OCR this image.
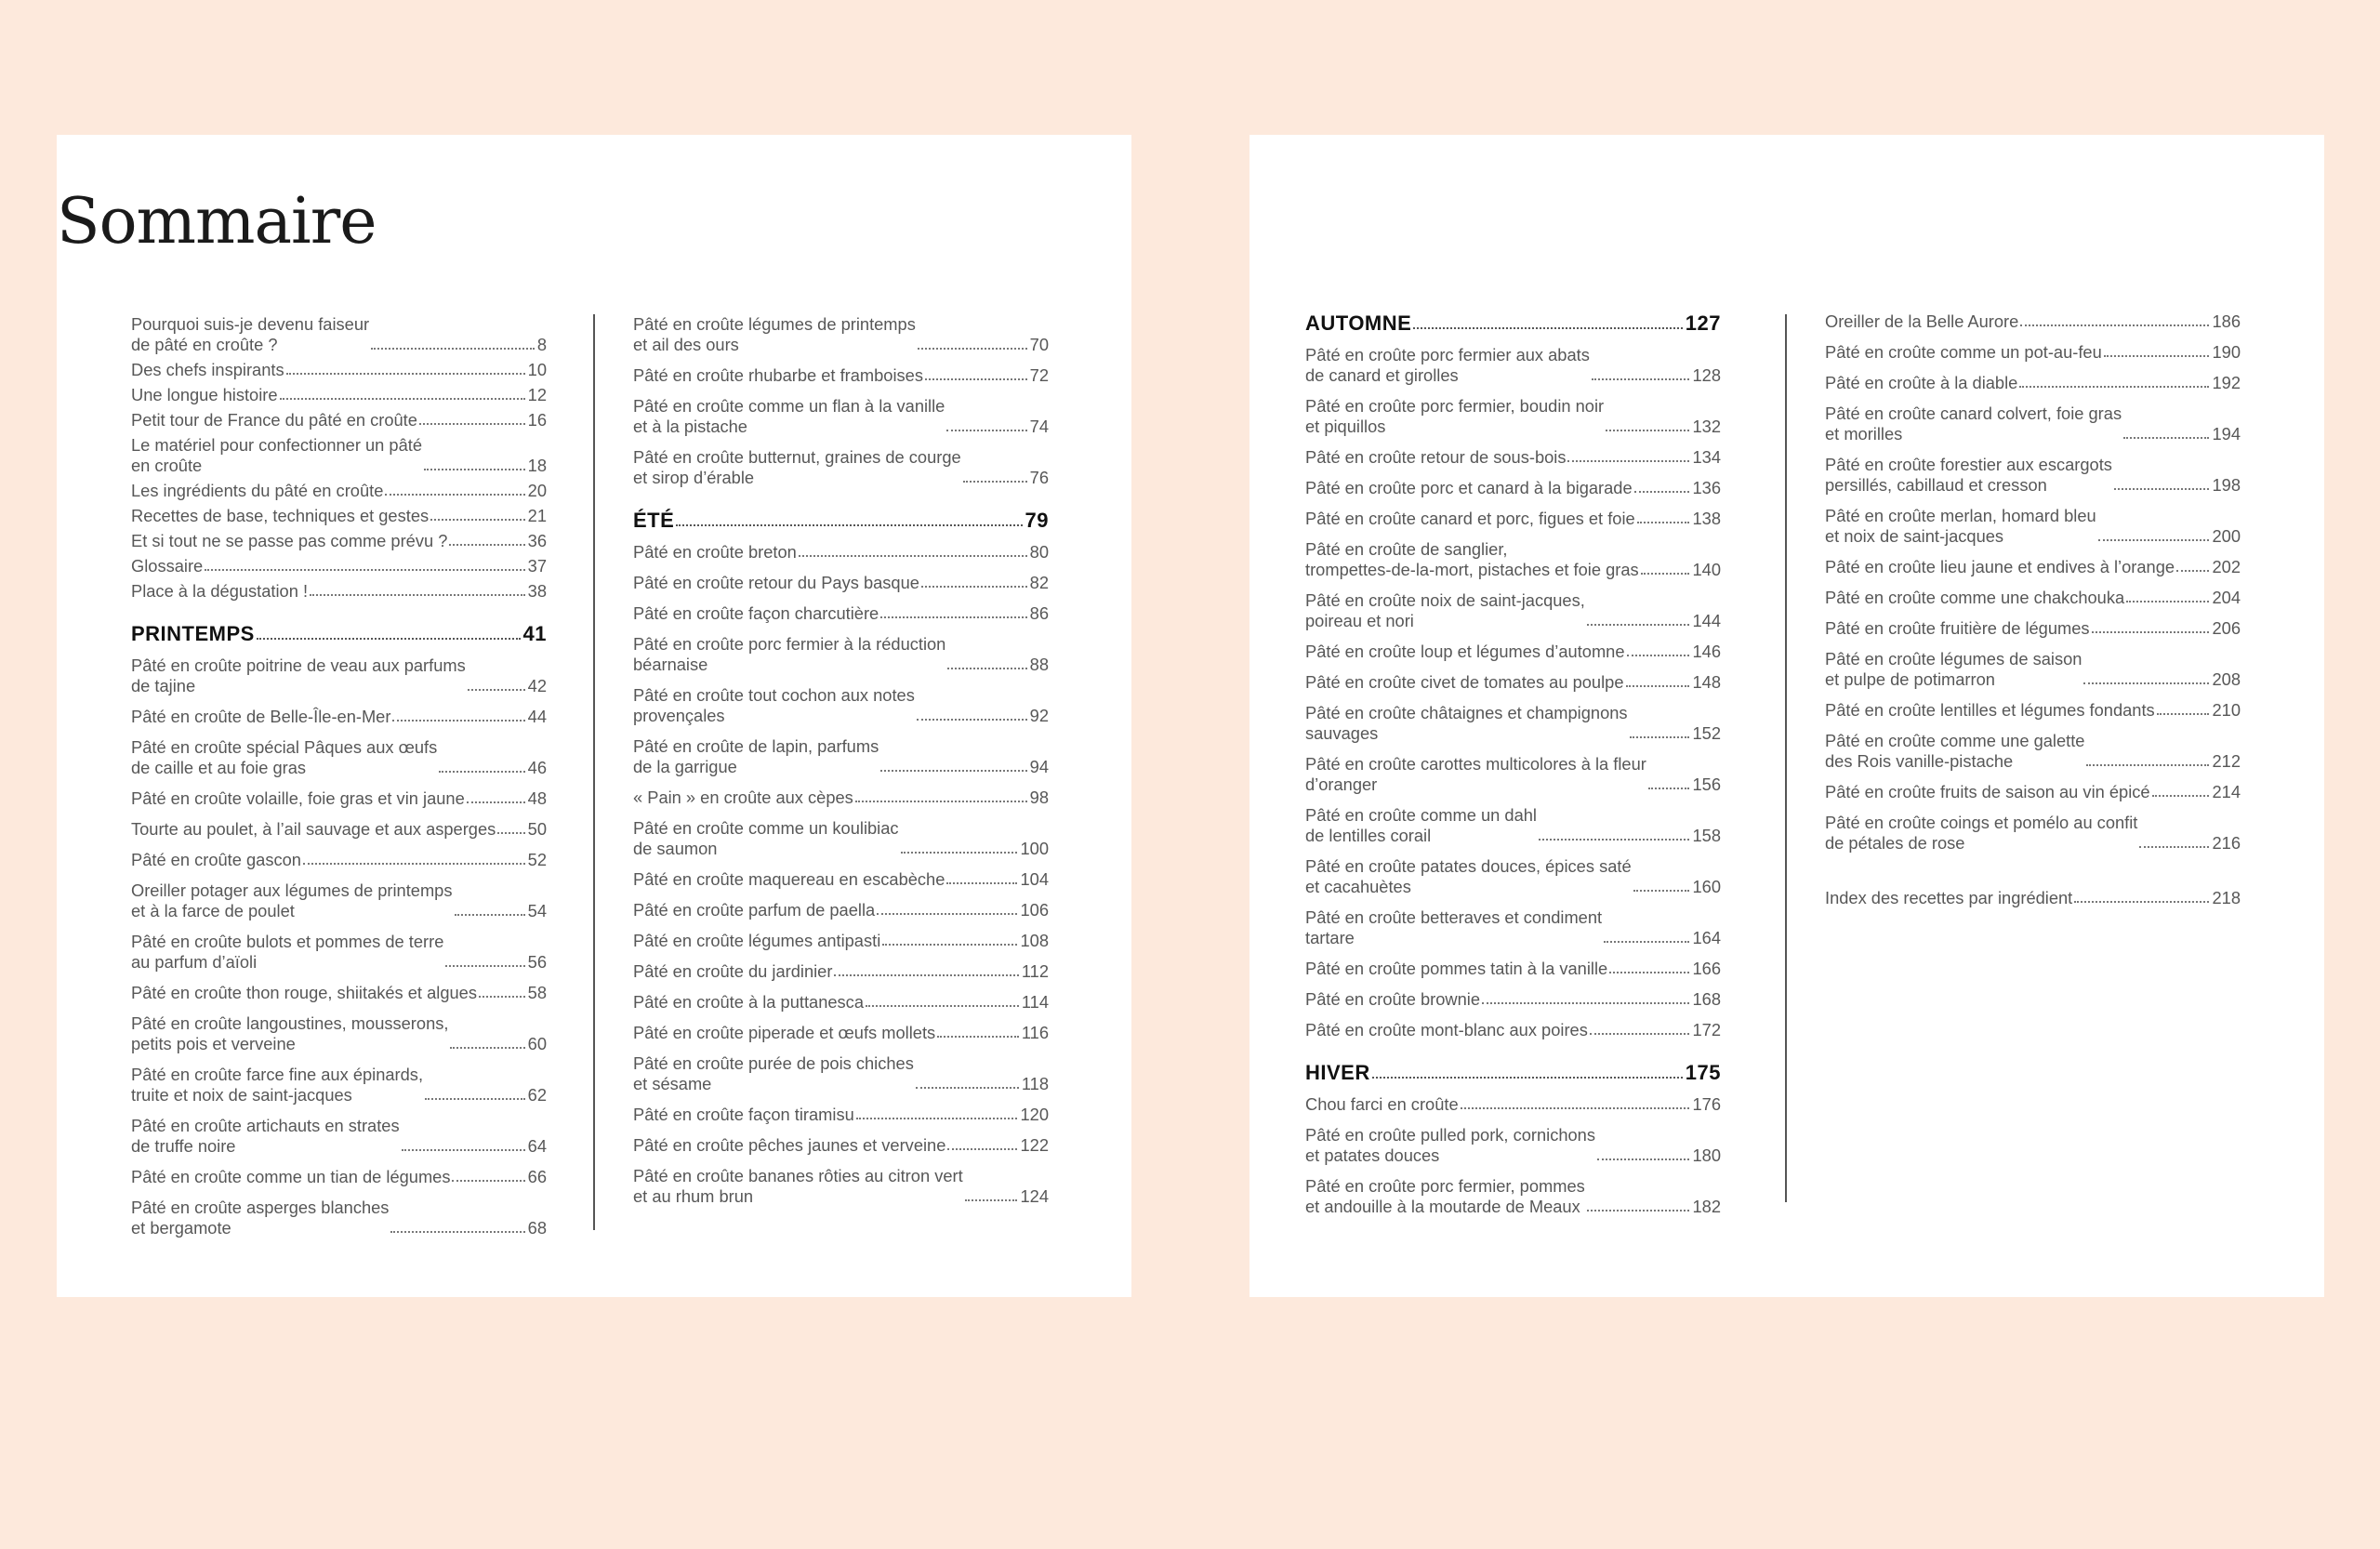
Sommaire
Pourquoi suis-je devenu faiseur
de pâté en croûte ?	8
Des chefs inspirants	10
Une longue histoire	12
Petit tour de France du pâté en croûte	16
Le matériel pour confectionner un pâté
en croûte	18
Les ingrédients du pâté en croûte	20
Recettes de base, techniques et gestes	21
Et si tout ne se passe pas comme prévu ?	36
Glossaire	37
Place à la dégustation !	38
PRINTEMPS	41
Pâté en croûte poitrine de veau aux parfums
de tajine	42
Pâté en croûte de Belle-Île-en-Mer	44
Pâté en croûte spécial Pâques aux œufs
de caille et au foie gras	46
Pâté en croûte volaille, foie gras et vin jaune	48
Tourte au poulet, à l’ail sauvage et aux asperges 50
Pâté en croûte gascon	52
Oreiller potager aux légumes de printemps
et à la farce de poulet	54
Pâté en croûte bulots et pommes de terre
au parfum d’aïoli	56
Pâté en croûte thon rouge, shiitakés et algues	58
Pâté en croûte langoustines, mousserons,
petits pois et verveine	60
Pâté en croûte farce fine aux épinards,
truite et noix de saint-jacques	62
Pâté en croûte artichauts en strates
de truffe noire	64
Pâté en croûte comme un tian de légumes	66
Pâté en croûte asperges blanches
et bergamote	68
Pâté en croûte légumes de printemps
et ail des ours	70
Pâté en croûte rhubarbe et framboises	72
Pâté en croûte comme un flan à la vanille
et à la pistache	74
Pâté en croûte butternut, graines de courge
et sirop d’érable	76
ÉTÉ	79
Pâté en croûte breton	80
Pâté en croûte retour du Pays basque	82
Pâté en croûte façon charcutière	86
Pâté en croûte porc fermier à la réduction
béarnaise	88
Pâté en croûte tout cochon aux notes
provençales	92
Pâté en croûte de lapin, parfums
de la garrigue	94
« Pain » en croûte aux cèpes	98
Pâté en croûte comme un koulibiac
de saumon	100
Pâté en croûte maquereau en escabèche	104
Pâté en croûte parfum de paella	106
Pâté en croûte légumes antipasti	108
Pâté en croûte du jardinier	112
Pâté en croûte à la puttanesca	114
Pâté en croûte piperade et œufs mollets	116
Pâté en croûte purée de pois chiches
et sésame	118
Pâté en croûte façon tiramisu	120
Pâté en croûte pêches jaunes et verveine	122
Pâté en croûte bananes rôties au citron vert
et au rhum brun	124
AUTOMNE	127
Pâté en croûte porc fermier aux abats
de canard et girolles	128
Pâté en croûte porc fermier, boudin noir
et piquillos	132
Pâté en croûte retour de sous-bois	134
Pâté en croûte porc et canard à la bigarade	136
Pâté en croûte canard et porc, figues et foie	138
Pâté en croûte de sanglier,
trompettes-de-la-mort, pistaches et foie gras	140
Pâté en croûte noix de saint-jacques,
poireau et nori	144
Pâté en croûte loup et légumes d’automne	146
Pâté en croûte civet de tomates au poulpe	148
Pâté en croûte châtaignes et champignons
sauvages	152
Pâté en croûte carottes multicolores à la fleur
d’oranger	156
Pâté en croûte comme un dahl
de lentilles corail	158
Pâté en croûte patates douces, épices saté
et cacahuètes	160
Pâté en croûte betteraves et condiment
tartare	164
Pâté en croûte pommes tatin à la vanille	166
Pâté en croûte brownie	168
Pâté en croûte mont-blanc aux poires	172
HIVER	175
Chou farci en croûte	176
Pâté en croûte pulled pork, cornichons
et patates douces	180
Pâté en croûte porc fermier, pommes
et andouille à la moutarde de Meaux	182
Oreiller de la Belle Aurore	186
Pâté en croûte comme un pot-au-feu	190
Pâté en croûte à la diable	192
Pâté en croûte canard colvert, foie gras
et morilles	194
Pâté en croûte forestier aux escargots
persillés, cabillaud et cresson	198
Pâté en croûte merlan, homard bleu
et noix de saint-jacques	200
Pâté en croûte lieu jaune et endives à l’orange 202
Pâté en croûte comme une chakchouka	204
Pâté en croûte fruitière de légumes	206
Pâté en croûte légumes de saison
et pulpe de potimarron	208
Pâté en croûte lentilles et légumes fondants	210
Pâté en croûte comme une galette
des Rois vanille-pistache	212
Pâté en croûte fruits de saison au vin épicé	214
Pâté en croûte coings et pomélo au confit
de pétales de rose	216
Index des recettes par ingrédient	218
